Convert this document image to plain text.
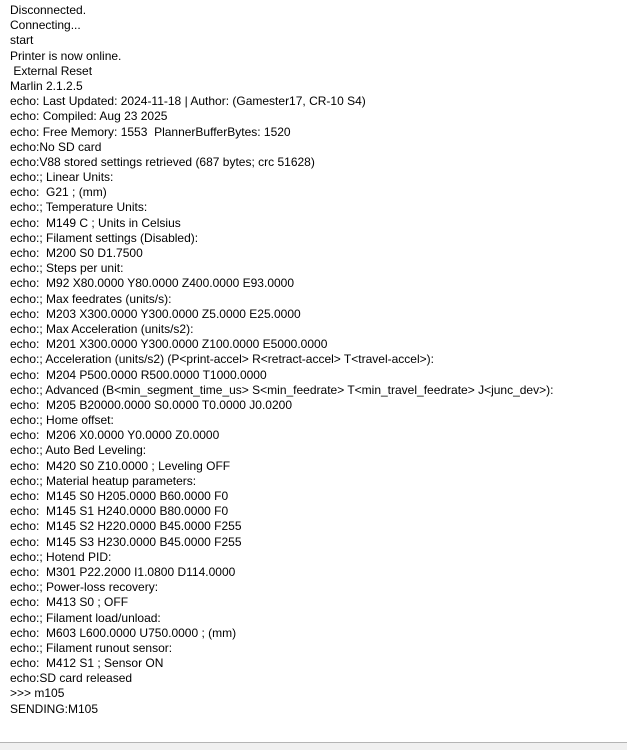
Disconnected.
Connecting...
start
Printer is now online.
External Reset
Marlin 2.1.2.5
echo: Last Updated: 2024-11-18 | Author: (Gamester17, CR-10 S4)
echo: Compiled: Aug 23 2025
echo: Free Memory: 1553  PlannerBufferBytes: 1520
echo:No SD card
echo:V88 stored settings retrieved (687 bytes; crc 51628)
echo:; Linear Units:
echo:  G21 ; (mm)
echo:; Temperature Units:
echo:  M149 C ; Units in Celsius
echo:; Filament settings (Disabled):
echo:  M200 S0 D1.7500
echo:; Steps per unit:
echo:  M92 X80.0000 Y80.0000 Z400.0000 E93.0000
echo:; Max feedrates (units/s):
echo:  M203 X300.0000 Y300.0000 Z5.0000 E25.0000
echo:; Max Acceleration (units/s2):
echo:  M201 X300.0000 Y300.0000 Z100.0000 E5000.0000
echo:; Acceleration (units/s2) (P<print-accel> R<retract-accel> T<travel-accel>):
echo:  M204 P500.0000 R500.0000 T1000.0000
echo:; Advanced (B<min_segment_time_us> S<min_feedrate> T<min_travel_feedrate> J<junc_dev>):
echo:  M205 B20000.0000 S0.0000 T0.0000 J0.0200
echo:; Home offset:
echo:  M206 X0.0000 Y0.0000 Z0.0000
echo:; Auto Bed Leveling:
echo:  M420 S0 Z10.0000 ; Leveling OFF
echo:; Material heatup parameters:
echo:  M145 S0 H205.0000 B60.0000 F0
echo:  M145 S1 H240.0000 B80.0000 F0
echo:  M145 S2 H220.0000 B45.0000 F255
echo:  M145 S3 H230.0000 B45.0000 F255
echo:; Hotend PID:
echo:  M301 P22.2000 I1.0800 D114.0000
echo:; Power-loss recovery:
echo:  M413 S0 ; OFF
echo:; Filament load/unload:
echo:  M603 L600.0000 U750.0000 ; (mm)
echo:; Filament runout sensor:
echo:  M412 S1 ; Sensor ON
echo:SD card released
>>> m105
SENDING:M105
